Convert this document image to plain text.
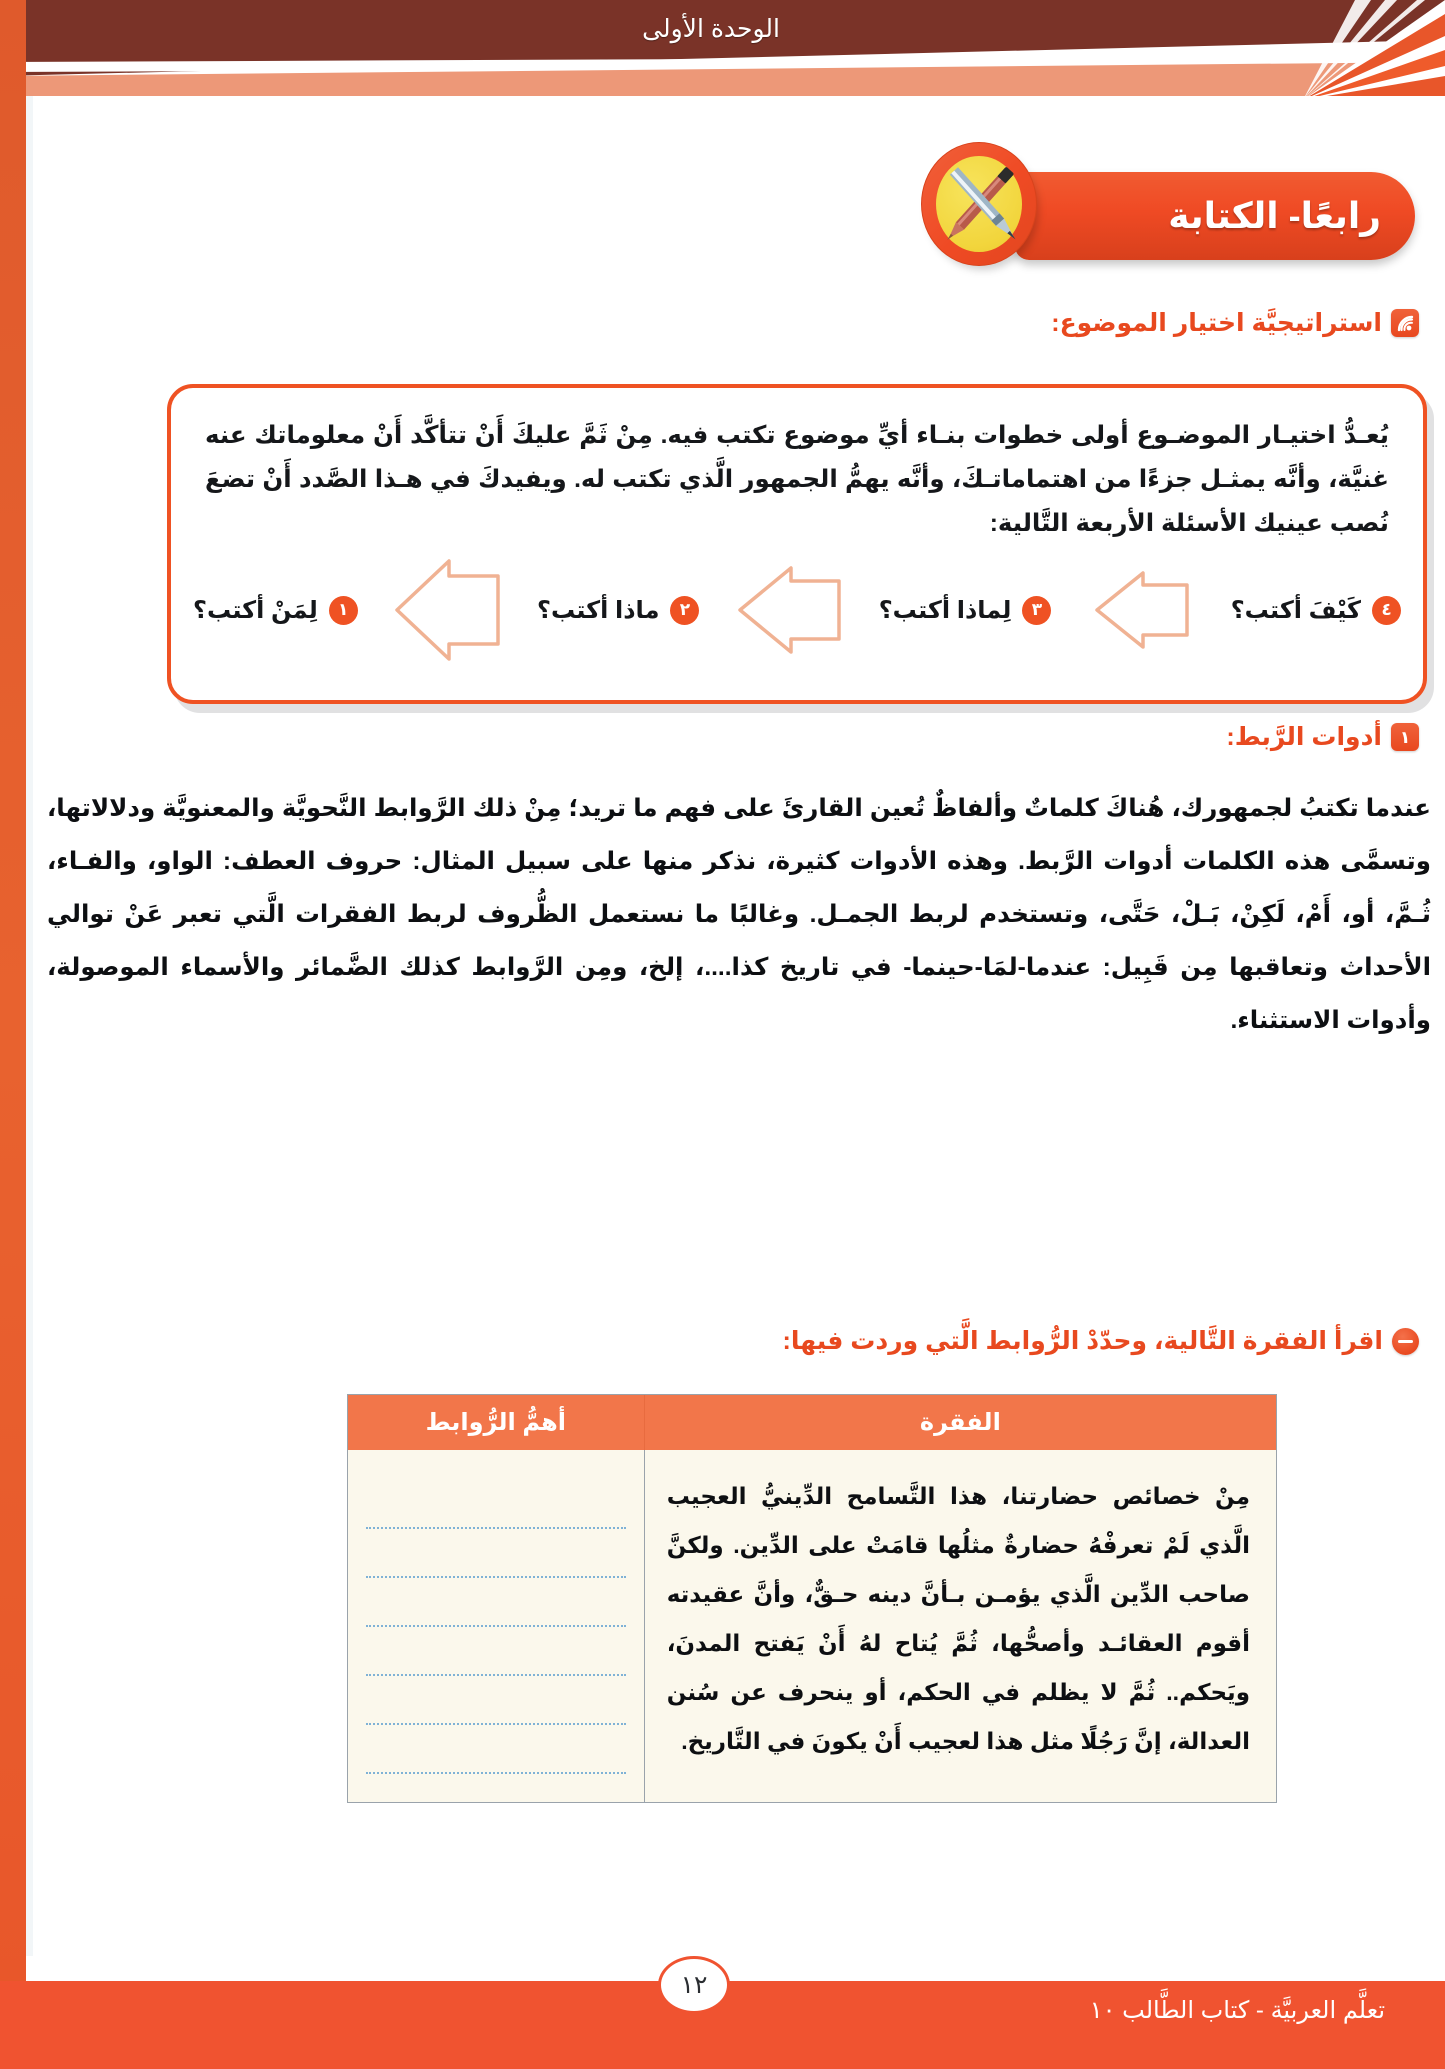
الوحدة الأولى
رابعًا- الكتابة
استراتيجيَّة اختيار الموضوع:
يُعـدُّ اختيـار الموضـوع أولى خطوات بنـاء أيِّ موضوع تكتب فيه. مِنْ ثَمَّ عليكَ أَنْ تتأكَّد أَنْ معلوماتك عنه غنيَّة، وأنَّه يمثـل جزءًا من اهتماماتـكَ، وأنَّه يهمُّ الجمهور الَّذي تكتب له. ويفيدكَ في هـذا الصَّدد أَنْ تضعَ نُصب عينيك الأسئلة الأربعة التَّالية:
٤
كَيْفَ أكتب؟
٣
لِماذا أكتب؟
٢
ماذا أكتب؟
١
لِمَنْ أكتب؟
١
أدوات الرَّبط:
عندما تكتبُ لجمهورك، هُناكَ كلماتٌ وألفاظٌ تُعين القارئَ على فهم ما تريد؛ مِنْ ذلك الرَّوابط النَّحويَّة والمعنويَّة ودلالاتها، وتسمَّى هذه الكلمات أدوات الرَّبط. وهذه الأدوات كثيرة، نذكر منها على سبيل المثال: حروف العطف: الواو، والفـاء، ثُـمَّ، أو، أَمْ، لَكِنْ، بَـلْ، حَتَّى، وتستخدم لربط الجمـل. وغالبًا ما نستعمل الظُّروف لربط الفقرات الَّتي تعبر عَنْ توالي الأحداث وتعاقبها مِن قَبِيل: عندما-لمَا-حينما- في تاريخ كذا....، إلخ، ومِن الرَّوابط كذلك الضَّمائر والأسماء الموصولة، وأدوات الاستثناء.
اقرأ الفقرة التَّالية، وحدّدْ الرُّوابط الَّتي وردت فيها:
الفقرة
أهمُّ الرُّوابط
مِنْ خصائص حضارتنا، هذا التَّسامح الدِّينيُّ العجيب الَّذي لَمْ تعرفْهُ حضارةٌ مثلُها قامَتْ على الدِّين. ولكنَّ صاحب الدِّين الَّذي يؤمـن بـأنَّ دينه حـقٌّ، وأنَّ عقيدته أقوم العقائـد وأصحُّها، ثُمَّ يُتاح لهُ أَنْ يَفتح المدنَ، ويَحكم.. ثُمَّ لا يظلم في الحكم، أو ينحرف عن سُنن العدالة، إنَّ رَجُلًا مثل هذا لعجيب أَنْ يكونَ في التَّاريخ.
١٢
تعلَّم العربيَّة - كتاب الطَّالب ١٠
